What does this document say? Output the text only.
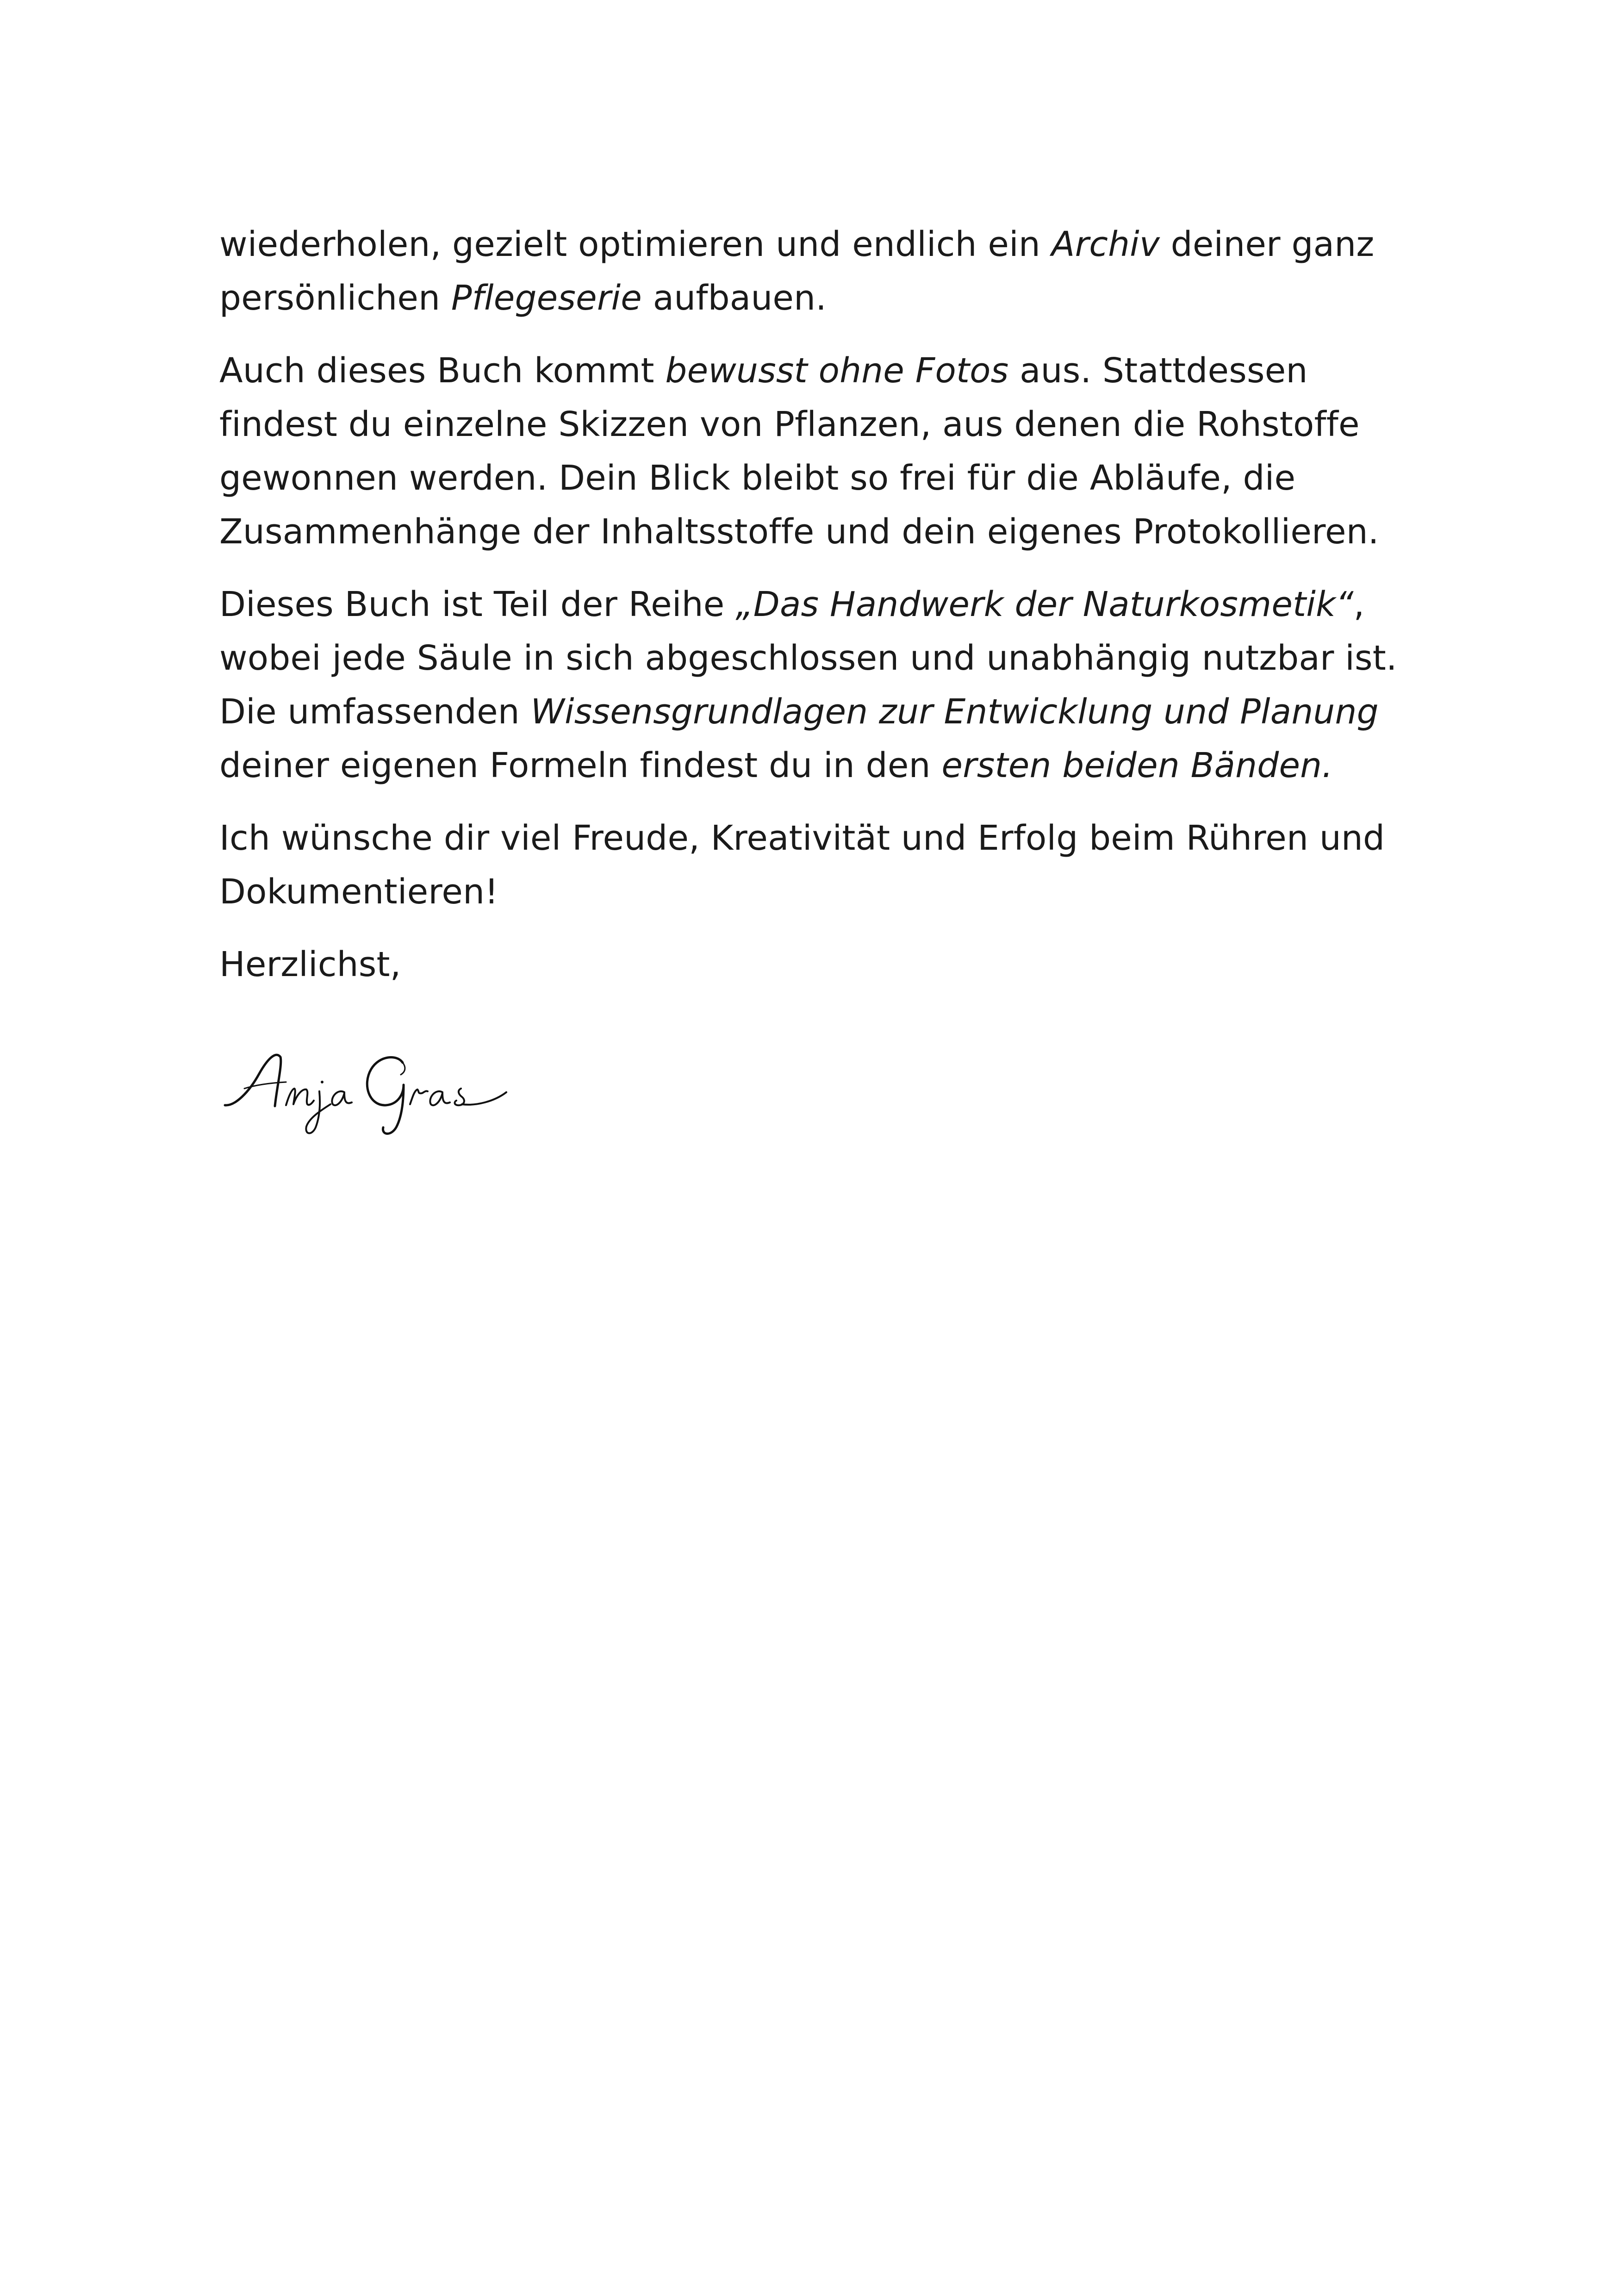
wiederholen, gezielt optimieren und endlich ein Archiv deiner ganz
persönlichen Pflegeserie aufbauen.
Auch dieses Buch kommt bewusst ohne Fotos aus. Stattdessen
findest du einzelne Skizzen von Pflanzen, aus denen die Rohstoffe
gewonnen werden. Dein Blick bleibt so frei für die Abläufe, die
Zusammenhänge der Inhaltsstoffe und dein eigenes Protokollieren.
Dieses Buch ist Teil der Reihe „Das Handwerk der Naturkosmetik“,
wobei jede Säule in sich abgeschlossen und unabhängig nutzbar ist.
Die umfassenden Wissensgrundlagen zur Entwicklung und Planung
deiner eigenen Formeln findest du in den ersten beiden Bänden.
Ich wünsche dir viel Freude, Kreativität und Erfolg beim Rühren und
Dokumentieren!
Herzlichst,
